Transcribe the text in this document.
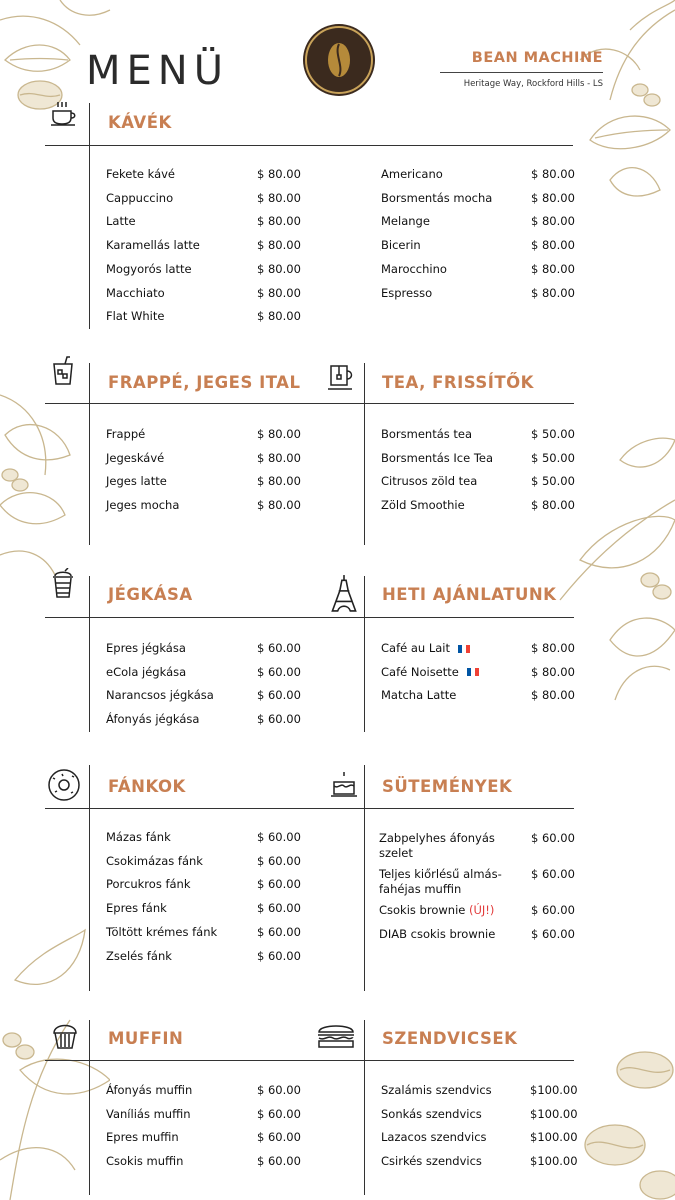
MENÜ	BEAN MACHINE
Heritage Way, Rockford Hills - LS
KÁVÉK
FRAPPÉ, JEGES ITAL	TEA, FRISSÍTŐK
JÉGKÁSA	HETI AJÁNLATUNK
FÁNKOK	SÜTEMÉNYEK
MUFFIN	SZENDVICSEK
Fekete kávé	$ 80.00
Cappuccino	$ 80.00
Latte	$ 80.00
Karamellás latte	$ 80.00
Mogyorós latte	$ 80.00
Macchiato	$ 80.00
Flat White	$ 80.00
Americano	$ 80.00
Borsmentás mocha	$ 80.00
Melange	$ 80.00
Bicerin	$ 80.00
Marocchino	$ 80.00
Espresso	$ 80.00
Frappé	$ 80.00
Jegeskávé	$ 80.00
Jeges latte	$ 80.00
Jeges mocha	$ 80.00
Borsmentás tea	$ 50.00
Borsmentás Ice Tea	$ 50.00
Citrusos zöld tea	$ 50.00
Zöld Smoothie	$ 80.00
Epres jégkása	$ 60.00
eCola jégkása	$ 60.00
Narancsos jégkása	$ 60.00
Áfonyás jégkása	$ 60.00
Café au Lait	$ 80.00
Café Noisette	$ 80.00
Matcha Latte	$ 80.00
Mázas fánk	$ 60.00
Csokimázas fánk	$ 60.00
Porcukros fánk	$ 60.00
Epres fánk	$ 60.00
Töltött krémes fánk	$ 60.00
Zselés fánk	$ 60.00
Zabpelyhes áfonyás szelet
$ 60.00
Teljes kiőrlésű almás-fahéjas muffin
$ 60.00
Csokis brownie (ÚJ!)	$ 60.00
DIAB csokis brownie	$ 60.00
Áfonyás muffin	$ 60.00
Vaníliás muffin	$ 60.00
Epres muffin	$ 60.00
Csokis muffin	$ 60.00
Szalámis szendvics	$100.00
Sonkás szendvics	$100.00
Lazacos szendvics	$100.00
Csirkés szendvics	$100.00
